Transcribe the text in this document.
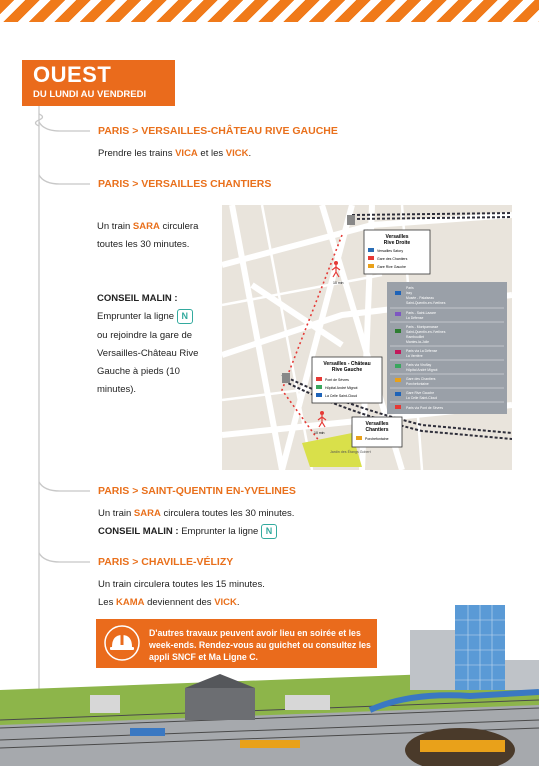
OUEST
DU LUNDI AU VENDREDI
PARIS > VERSAILLES-CHÂTEAU RIVE GAUCHE
Prendre les trains VICA et les VICK.
PARIS > VERSAILLES CHANTIERS
Un train SARA circulera
toutes les 30 minutes.
CONSEIL MALIN :
Emprunter la ligne N
ou rejoindre la gare de
Versailles-Château Rive
Gauche à pieds (10
minutes).
Jardin des Étangs Gobert
Versailles
Rive Droite
Versailles Satory
Gare des Chantiers
Gare Rive Gauche
Versailles - Château
Rive Gauche
Pont de Sèvres
Hôpital André Mignot
La Celle Saint-Cloud
Versailles
Chantiers
Porchefontaine
10 min
10 min
Paris
Issy
Musée - Palaiseau
Saint-Quentin-en-Yvelines
Paris - Saint-Lazare
La Défense
Paris - Montparnasse
Saint-Quentin-en-Yvelines
Rambouillet
Mantes-la-Jolie
Paris via La Défense
La Verrière
Paris via Viroflay
Hôpital André Mignot
Gare des Chantiers
Porchefontaine
Gare Rive Gauche
La Celle Saint-Cloud
Paris via Pont de Sèvres
PARIS > SAINT-QUENTIN EN-YVELINES
Un train SARA circulera toutes les 30 minutes.
CONSEIL MALIN : Emprunter la ligne N
PARIS > CHAVILLE-VÉLIZY
Un train circulera toutes les 15 minutes.
Les KAMA deviennent des VICK.
D'autres travaux peuvent avoir lieu en soirée et les week-ends. Rendez-vous au guichet ou consultez les appli SNCF et Ma Ligne C.
